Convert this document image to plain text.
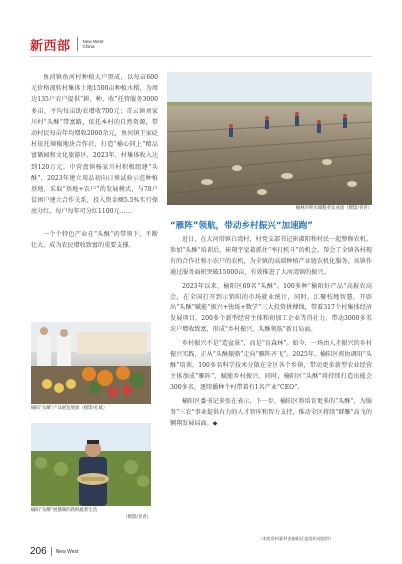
新西部	New West
China

鱼河镇鱼河村种植大户黑成，以每亩600元价格流转村集体土地1500亩种植水稻，为周边135户农户提供“耕、种、收”托管服务3000多亩，平均每亩助农增收700元；青云镇刘家川村“头酥”带富路，依托本村的自然资源，带动村民每亩年均增收2000余元，鱼河镇王家砭村依托辣椒地块合作社，打造“榆心同上”精品富硒园和文化旅游区，2023年，村集体收入达到120万元。中营盘镇杨家川村积极组建“头酥”，2023年建立用品初向日葵试验示范种植基地，采取“基地+农户”的发展模式，与78户贫困户建立合作关系，投入资金额5.5%实行保底分红，每户每年可分红1100元……

一个个特色产业在“头酥”的带领下，不断壮大，成为农民增收致富的重要支撑。

榆林市积水城粮业农业园（摄影/青青）
榆阳“头酥”产品展览展演（摄影/孔斌）
榆阳“头酥”展播湖的新鲜蔬菜生活
（摄影/青青）
“雁阵”领航，带动乡村振兴“加速跑”

近日，在大河塔镇白湾村，村党支部书记崔淑阳和村民一起整修农机。参加“头酥”培训后，崔翔宇觉着抓住“率打机斗”的机会，帮会了全镇各村现有的合作社和小农户的农机，为全镇的高端种植产业链农机化服务，该镇作通过服务面积突破15000亩，有效推进了大河湾镇的振兴。

2023年以来，榆阳区69名“头酥”、100多种“榆阳好产品”高报农高会，在全国打开到示销阳的市场就业统计，同时，汇聚校地智慧，开辟出“头酥”赋能“振兴+快练+数学”三大投资拼搏线，带着317个村集体经济发展项目，200多个新型经营主体和初加工企业等得社力，带动3000多名农户增收致富，形成“乡村振兴、头酥领航”新目局面。

乡村振兴不是“造盆景”，而是“育森林”。如今，一场由人才振兴的乡村振兴实践，正从“头酥振骆”走向“雁阵齐飞”。2025年，榆阳区将协调用“头酥”培训，100多名科学技术分散在全区各个乡镇，带动更多新型农业经营主体加成“雁阵”，赋能乡村振兴。同时，榆阳区“头酥”将持续打造出能会300多名，逐续播种个村带着有1名产业“CEO”。

榆阳区委书记多张在表示，下一步，榆阳区将培育更多的“头酥”，为服务“三农”事业提供有力的人才智库和智力支持，推动全区将续“群雁”高飞的翱翔发展局面。◆

（本组资料素材由榆阳区委组织部提供）
206 New West
